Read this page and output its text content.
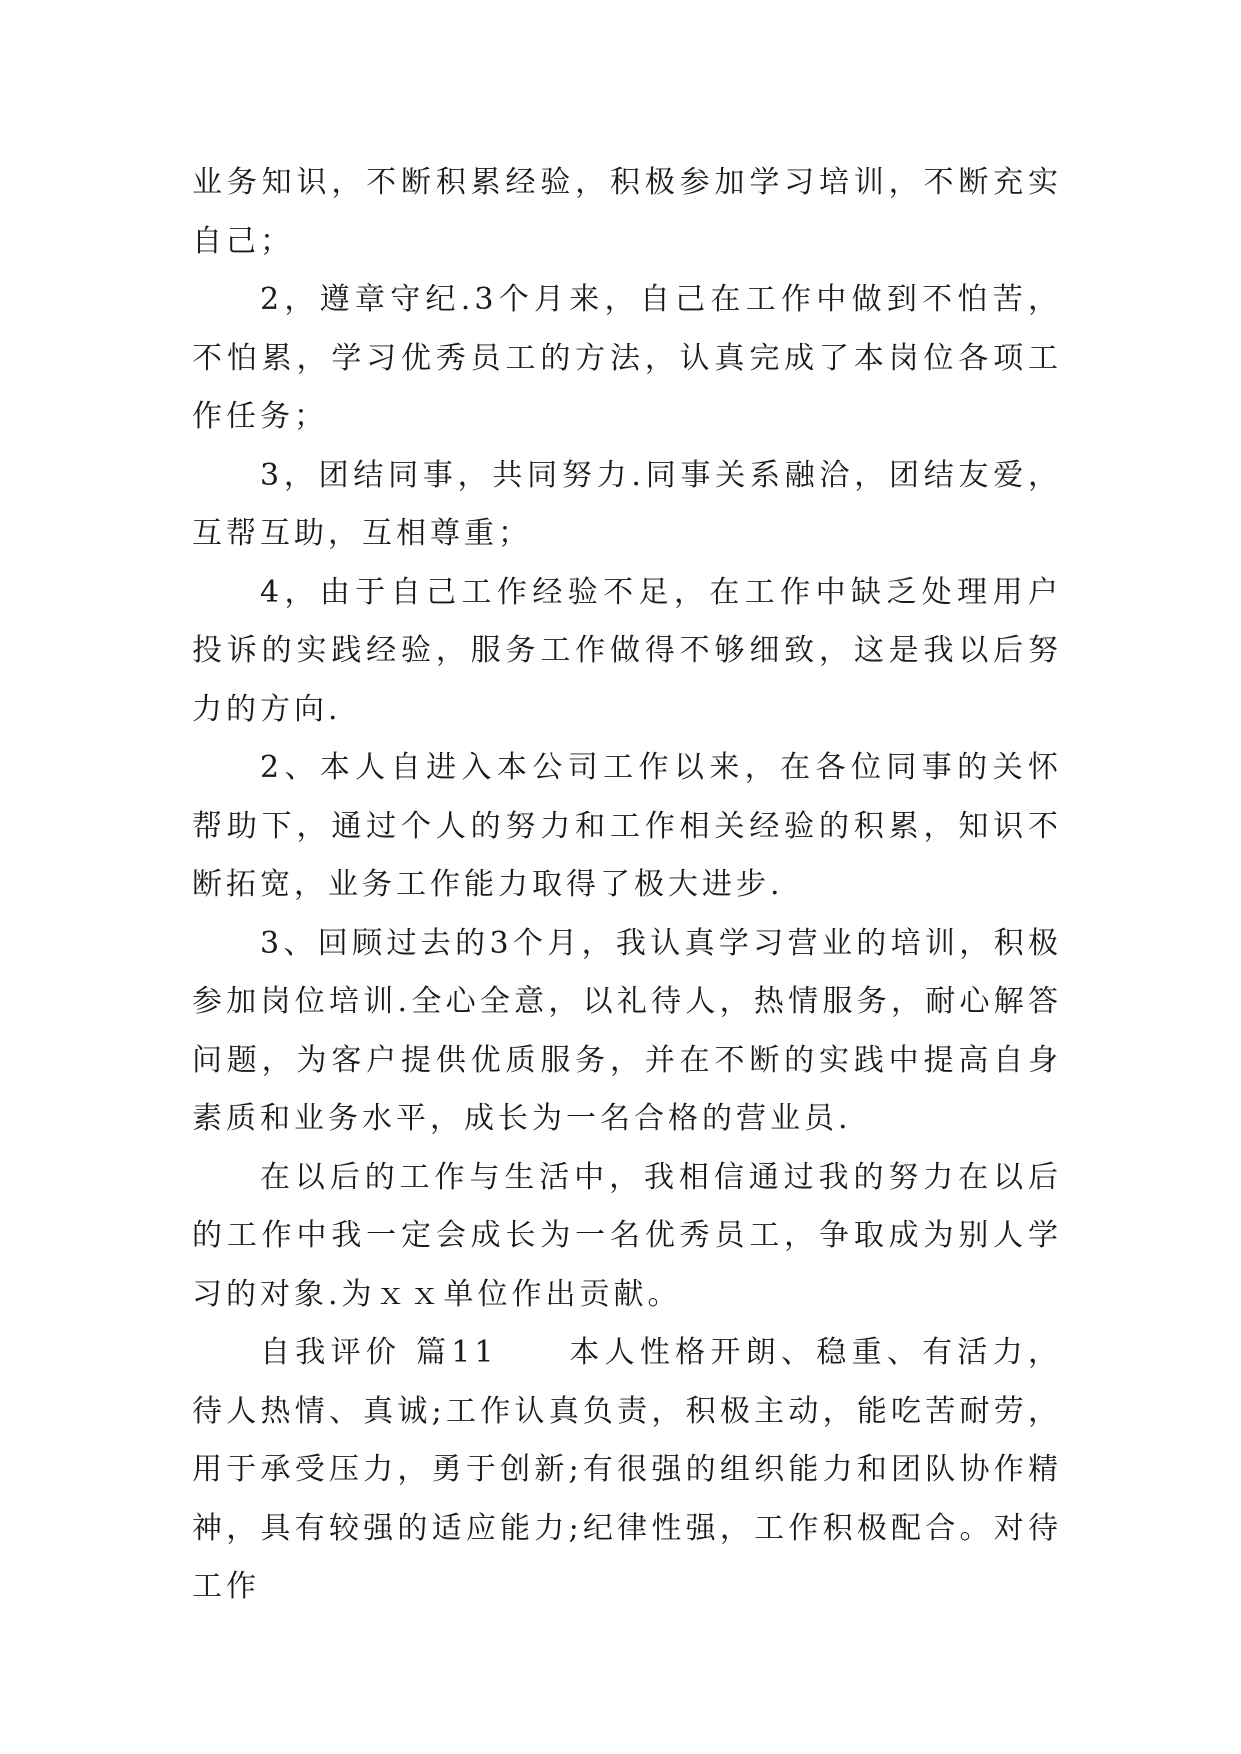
业务知识，不断积累经验，积极参加学习培训，不断充实自己；

2，遵章守纪.3个月来，自己在工作中做到不怕苦，不怕累，学习优秀员工的方法，认真完成了本岗位各项工作任务；

3，团结同事，共同努力.同事关系融洽，团结友爱，互帮互助，互相尊重；

4，由于自己工作经验不足，在工作中缺乏处理用户投诉的实践经验，服务工作做得不够细致，这是我以后努力的方向.

2、本人自进入本公司工作以来，在各位同事的关怀帮助下，通过个人的努力和工作相关经验的积累，知识不断拓宽，业务工作能力取得了极大进步.

3、回顾过去的3个月，我认真学习营业的培训，积极参加岗位培训.全心全意，以礼待人，热情服务，耐心解答问题，为客户提供优质服务，并在不断的实践中提高自身素质和业务水平，成长为一名合格的营业员.

在以后的工作与生活中，我相信通过我的努力在以后的工作中我一定会成长为一名优秀员工，争取成为别人学习的对象.为ｘｘ单位作出贡献。

自我评价 篇11　　本人性格开朗、稳重、有活力，待人热情、真诚;工作认真负责，积极主动，能吃苦耐劳，用于承受压力，勇于创新;有很强的组织能力和团队协作精神，具有较强的适应能力;纪律性强，工作积极配合。对待工作
